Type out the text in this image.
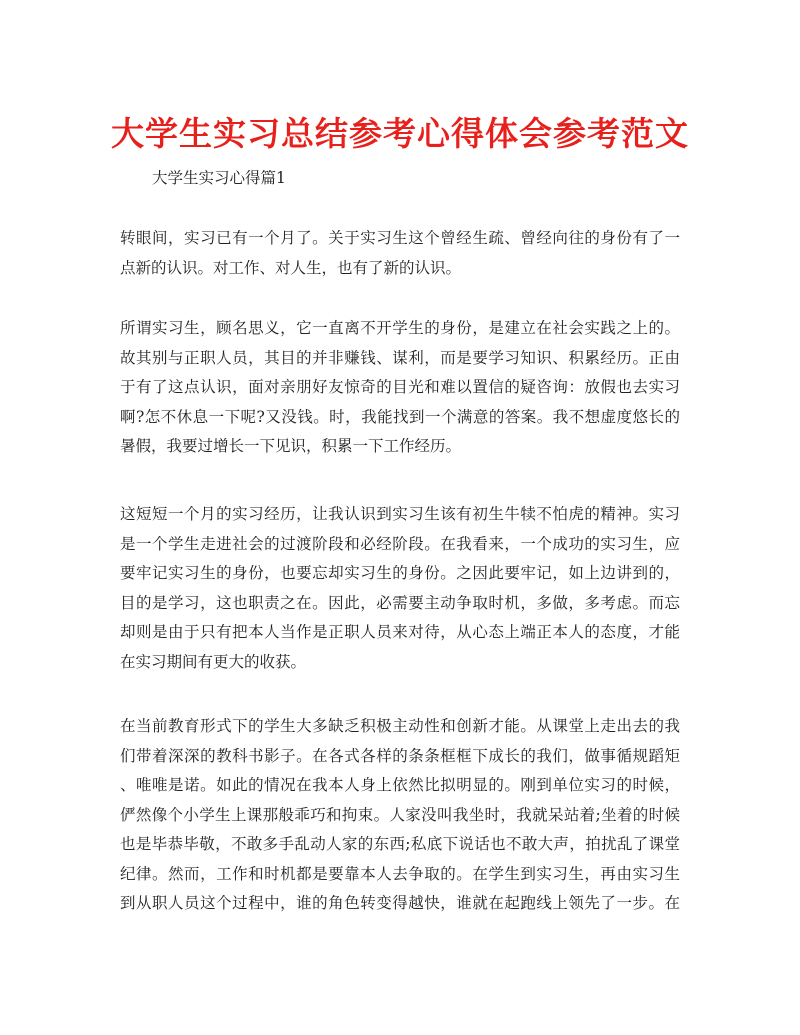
大学生实习总结参考心得体会参考范文
大学生实习心得篇1
转眼间，实习已有一个月了。关于实习生这个曾经生疏、曾经向往的身份有了一
点新的认识。对工作、对人生，也有了新的认识。
所谓实习生，顾名思义，它一直离不开学生的身份，是建立在社会实践之上的。
故其别与正职人员，其目的并非赚钱、谋利，而是要学习知识、积累经历。正由
于有了这点认识，面对亲朋好友惊奇的目光和难以置信的疑咨询：放假也去实习
啊?怎不休息一下呢?又没钱。时，我能找到一个满意的答案。我不想虚度悠长的
暑假，我要过增长一下见识，积累一下工作经历。
这短短一个月的实习经历，让我认识到实习生该有初生牛犊不怕虎的精神。实习
是一个学生走进社会的过渡阶段和必经阶段。在我看来，一个成功的实习生，应
要牢记实习生的身份，也要忘却实习生的身份。之因此要牢记，如上边讲到的，
目的是学习，这也职责之在。因此，必需要主动争取时机，多做，多考虑。而忘
却则是由于只有把本人当作是正职人员来对待，从心态上端正本人的态度，才能
在实习期间有更大的收获。
在当前教育形式下的学生大多缺乏积极主动性和创新才能。从课堂上走出去的我
们带着深深的教科书影子。在各式各样的条条框框下成长的我们，做事循规蹈矩
、唯唯是诺。如此的情况在我本人身上依然比拟明显的。刚到单位实习的时候，
俨然像个小学生上课那般乖巧和拘束。人家没叫我坐时，我就呆站着;坐着的时候
也是毕恭毕敬，不敢多手乱动人家的东西;私底下说话也不敢大声，拍扰乱了课堂
纪律。然而，工作和时机都是要靠本人去争取的。在学生到实习生，再由实习生
到从职人员这个过程中，谁的角色转变得越快，谁就在起跑线上领先了一步。在
